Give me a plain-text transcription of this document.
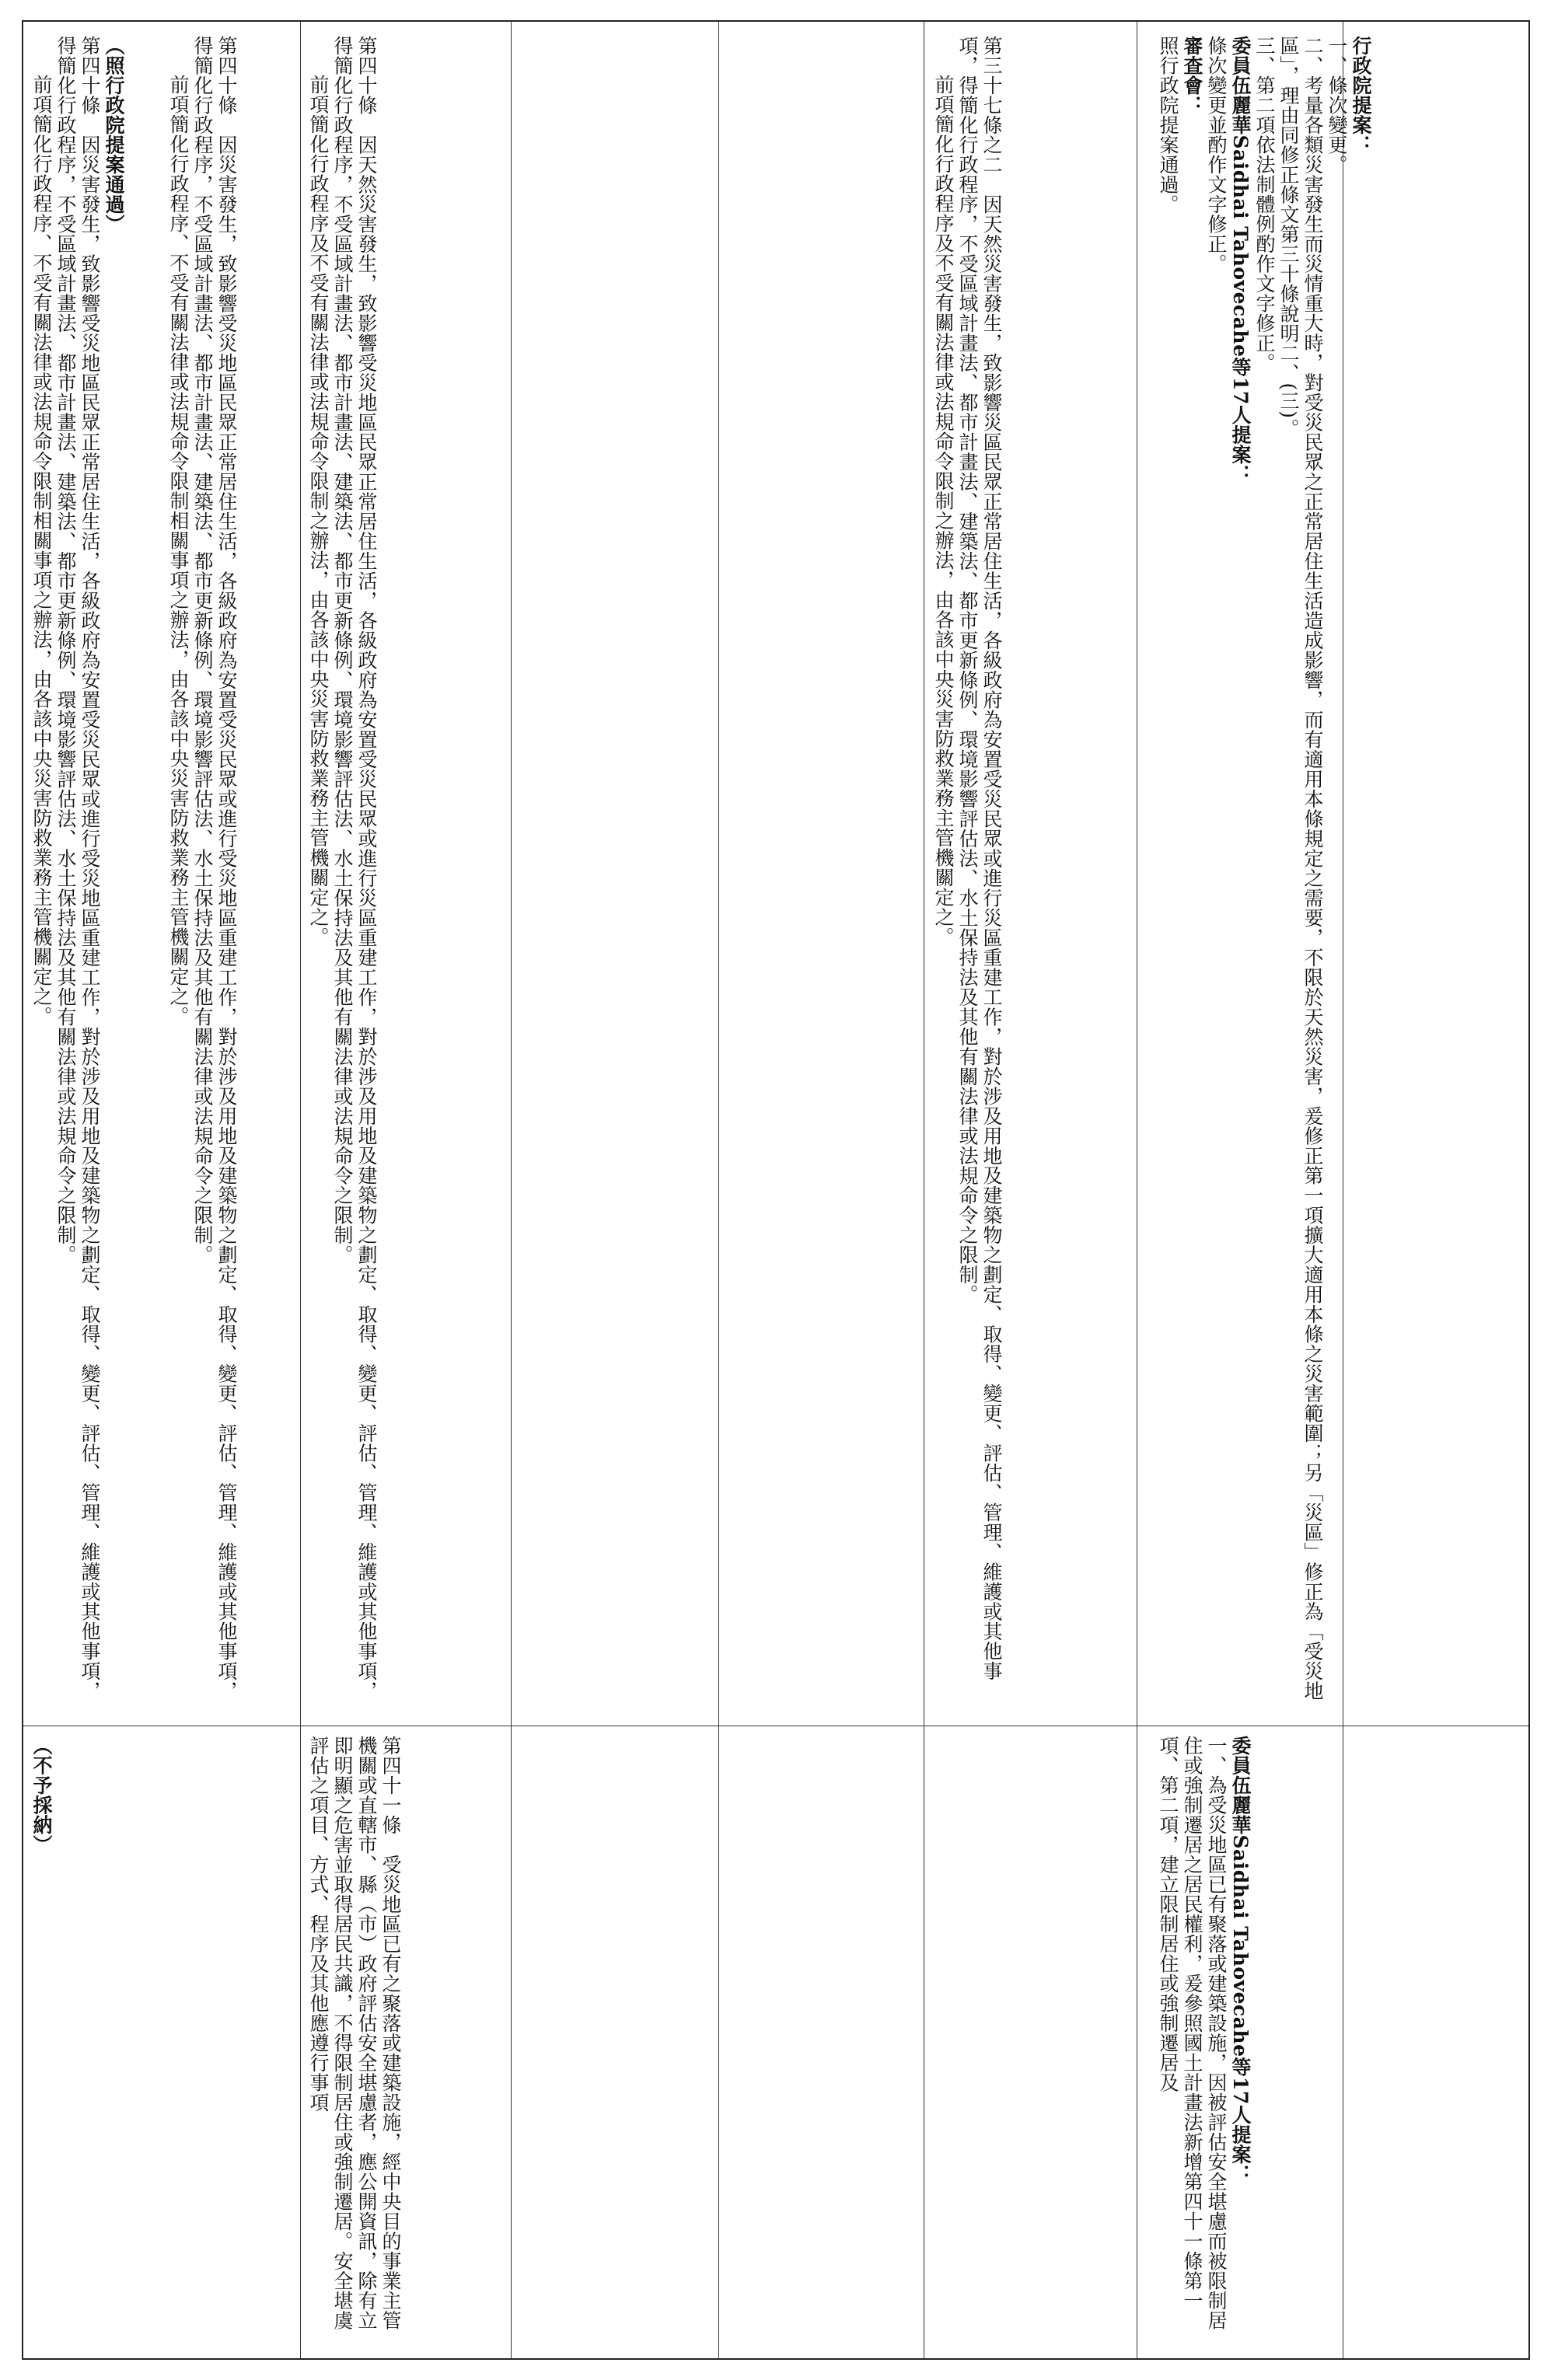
行政院提案：

一、條次變更。

二、考量各類災害發生而災情重大時，對受災民眾之正常居住生活造成影響，而有適用本條規定之需要，不限於天然災害，爰修正第一項擴大適用本條之災害範圍；另「災區」修正為「受災地區」，理由同修正條文第三十條說明二、(三)。

三、第二項依法制體例酌作文字修正。

委員伍麗華Saidhai Tahovecahe等17人提案：

條次變更並酌作文字修正。

審查會：

照行政院提案通過。

第三十七條之二　因天然災害發生，致影響災區民眾正常居住生活，各級政府為安置受災民眾或進行災區重建工作，對於涉及用地及建築物之劃定、取得、變更、評估、管理、維護或其他事項，得簡化行政程序，不受區域計畫法、都市計畫法、建築法、都市更新條例、環境影響評估法、水土保持法及其他有關法律或法規命令之限制。

前項簡化行政程序及不受有關法律或法規命令限制之辦法，由各該中央災害防救業務主管機關定之。

第四十條　因天然災害發生，致影響受災地區民眾正常居住生活，各級政府為安置受災民眾或進行災區重建工作，對於涉及用地及建築物之劃定、取得、變更、評估、管理、維護或其他事項，得簡化行政程序，不受區域計畫法、都市計畫法、建築法、都市更新條例、環境影響評估法、水土保持法及其他有關法律或法規命令之限制。

前項簡化行政程序及不受有關法律或法規命令限制之辦法，由各該中央災害防救業務主管機關定之。

第四十條　因災害發生，致影響受災地區民眾正常居住生活，各級政府為安置受災民眾或進行受災地區重建工作，對於涉及用地及建築物之劃定、取得、變更、評估、管理、維護或其他事項，得簡化行政程序，不受區域計畫法、都市計畫法、建築法、都市更新條例、環境影響評估法、水土保持法及其他有關法律或法規命令之限制。

前項簡化行政程序、不受有關法律或法規命令限制相關事項之辦法，由各該中央災害防救業務主管機關定之。

（照行政院提案通過）

第四十條　因災害發生，致影響受災地區民眾正常居住生活，各級政府為安置受災民眾或進行受災地區重建工作，對於涉及用地及建築物之劃定、取得、變更、評估、管理、維護或其他事項，得簡化行政程序，不受區域計畫法、都市計畫法、建築法、都市更新條例、環境影響評估法、水土保持法及其他有關法律或法規命令之限制。

前項簡化行政程序、不受有關法律或法規命令限制相關事項之辦法，由各該中央災害防救業務主管機關定之。

委員伍麗華Saidhai Tahovecahe等17人提案：

一、為受災地區已有聚落或建築設施，因被評估安全堪慮而被限制居住或強制遷居之居民權利，爰參照國土計畫法新增第四十一條第一項、第二項，建立限制居住或強制遷居及

第四十一條　受災地區已有之聚落或建築設施，經中央目的事業主管機關或直轄市、縣（市）政府評估安全堪慮者，應公開資訊，除有立即明顯之危害並取得居民共識，不得限制居住或強制遷居。安全堪虞評估之項目、方式、程序及其他應遵行事項

（不予採納）
